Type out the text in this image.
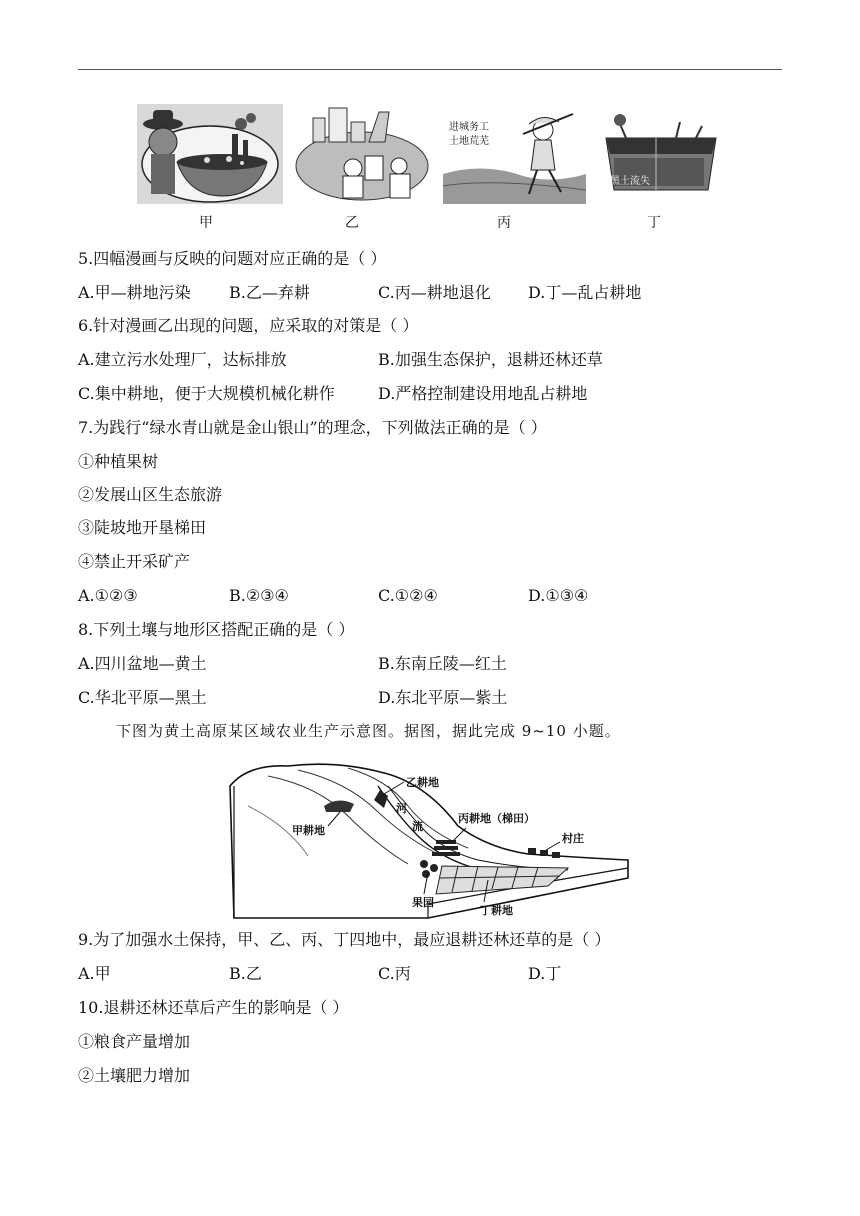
进城务工
土地荒芜
黑土流失
甲	乙	丙	丁
5.四幅漫画与反映的问题对应正确的是（ ）
A.甲—耕地污染 B.乙—弃耕	C.丙—耕地退化 D.丁—乱占耕地
6.针对漫画乙出现的问题，应采取的对策是（ ）
A.建立污水处理厂，达标排放	B.加强生态保护，退耕还林还草
C.集中耕地，便于大规模机械化耕作	D.严格控制建设用地乱占耕地
7.为践行“绿水青山就是金山银山”的理念，下列做法正确的是（ ）
①种植果树
②发展山区生态旅游
③陡坡地开垦梯田
④禁止开采矿产
A.①②③	B.②③④	C.①②④	D.①③④
8.下列土壤与地形区搭配正确的是（ ）
A.四川盆地—黄土	B.东南丘陵—红土
C.华北平原—黑土	D.东北平原—紫土
下图为黄土高原某区域农业生产示意图。据图，据此完成 9~10 小题。
甲耕地
乙耕地
河
流
丙耕地（梯田）
村庄
果园
丁耕地
9.为了加强水土保持，甲、乙、丙、丁四地中，最应退耕还林还草的是（ ）
A.甲	B.乙	C.丙	D.丁
10.退耕还林还草后产生的影响是（ ）
①粮食产量增加
②土壤肥力增加
